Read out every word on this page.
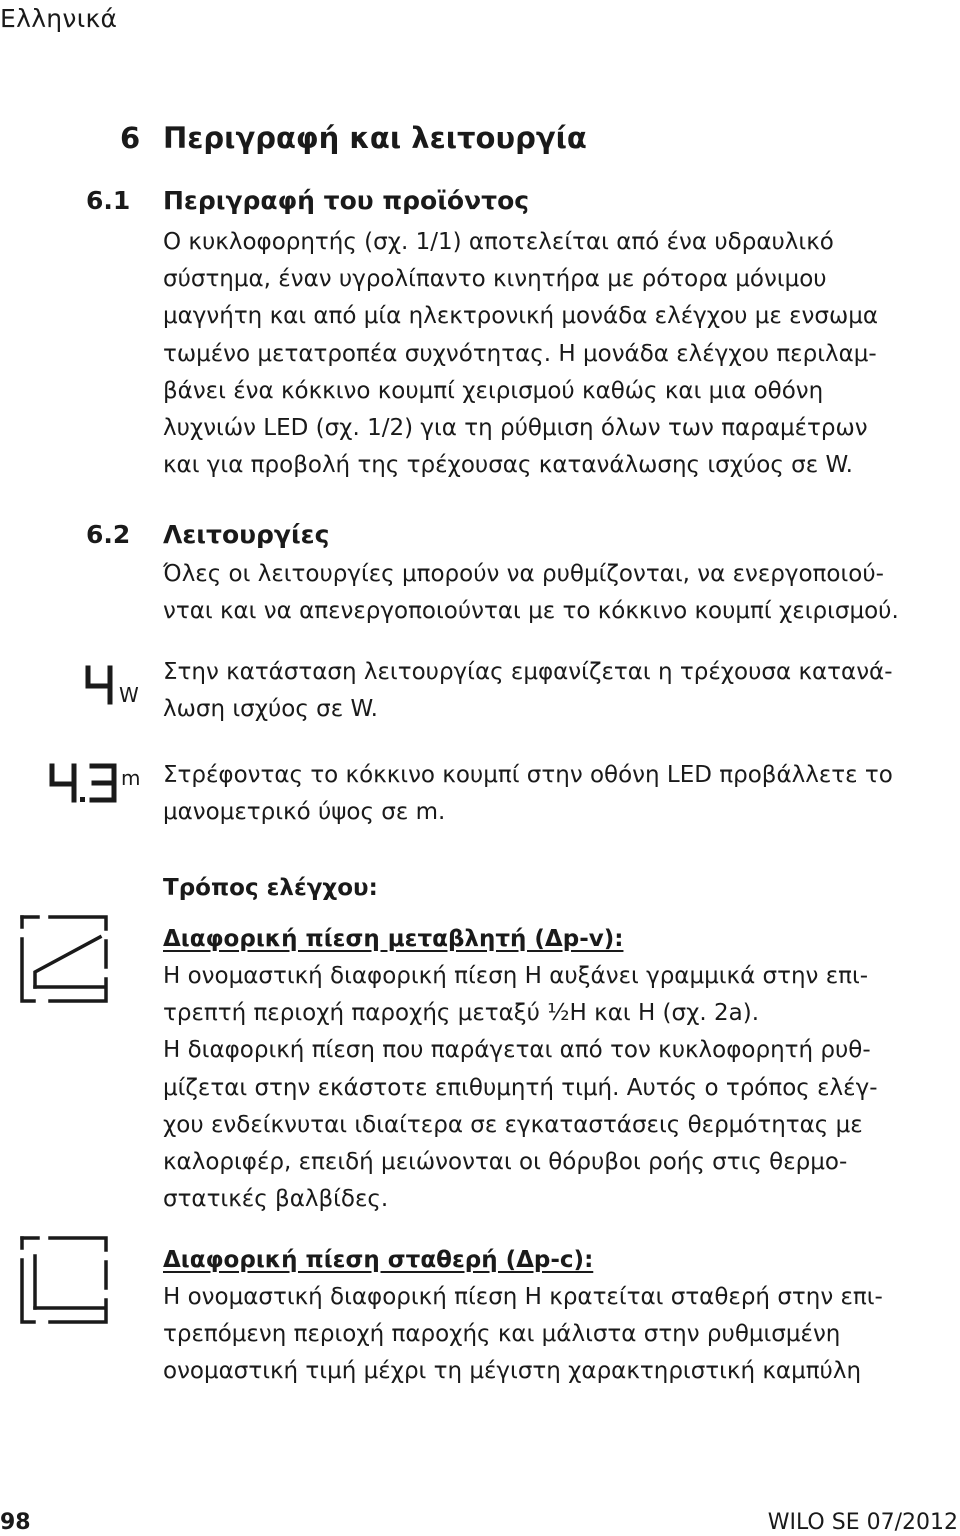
Ελληνικά
6 Περιγραφή και λειτουργία
6.1 Περιγραφή του προϊόντος
Ο κυκλοφορητής (σχ. 1/1) αποτελείται από ένα υδραυλικό
σύστημα, έναν υγρολίπαντο κινητήρα με ρότορα μόνιμου
μαγνήτη και από μία ηλεκτρονική μονάδα ελέγχου με ενσωμα
τωμένο μετατροπέα συχνότητας. Η μονάδα ελέγχου περιλαμ-
βάνει ένα κόκκινο κουμπί χειρισμού καθώς και μια οθόνη
λυχνιών LED (σχ. 1/2) για τη ρύθμιση όλων των παραμέτρων
και για προβολή της τρέχουσας κατανάλωσης ισχύος σε W.
6.2 Λειτουργίες
Όλες οι λειτουργίες μπορούν να ρυθμίζονται, να ενεργοποιού-
νται και να απενεργοποιούνται με το κόκκινο κουμπί χειρισμού.
W
Στην κατάσταση λειτουργίας εμφανίζεται η τρέχουσα κατανά-
λωση ισχύος σε W.
m Στρέφοντας το κόκκινο κουμπί στην οθόνη LED προβάλλετε το
μανομετρικό ύψος σε m.
Τρόπος ελέγχου:
Διαφορική πίεση μεταβλητή (Δp-v):
Η ονομαστική διαφορική πίεση H αυξάνει γραμμικά στην επι-
τρεπτή περιοχή παροχής μεταξύ ½H και H (σχ. 2a).
Η διαφορική πίεση που παράγεται από τον κυκλοφορητή ρυθ-
μίζεται στην εκάστοτε επιθυμητή τιμή. Αυτός ο τρόπος ελέγ-
χου ενδείκνυται ιδιαίτερα σε εγκαταστάσεις θερμότητας με
καλοριφέρ, επειδή μειώνονται οι θόρυβοι ροής στις θερμο-
στατικές βαλβίδες.
Διαφορική πίεση σταθερή (Δp-c):
Η ονομαστική διαφορική πίεση H κρατείται σταθερή στην επι-
τρεπόμενη περιοχή παροχής και μάλιστα στην ρυθμισμένη
ονομαστική τιμή μέχρι τη μέγιστη χαρακτηριστική καμπύλη
98	WILO SE 07/2012
